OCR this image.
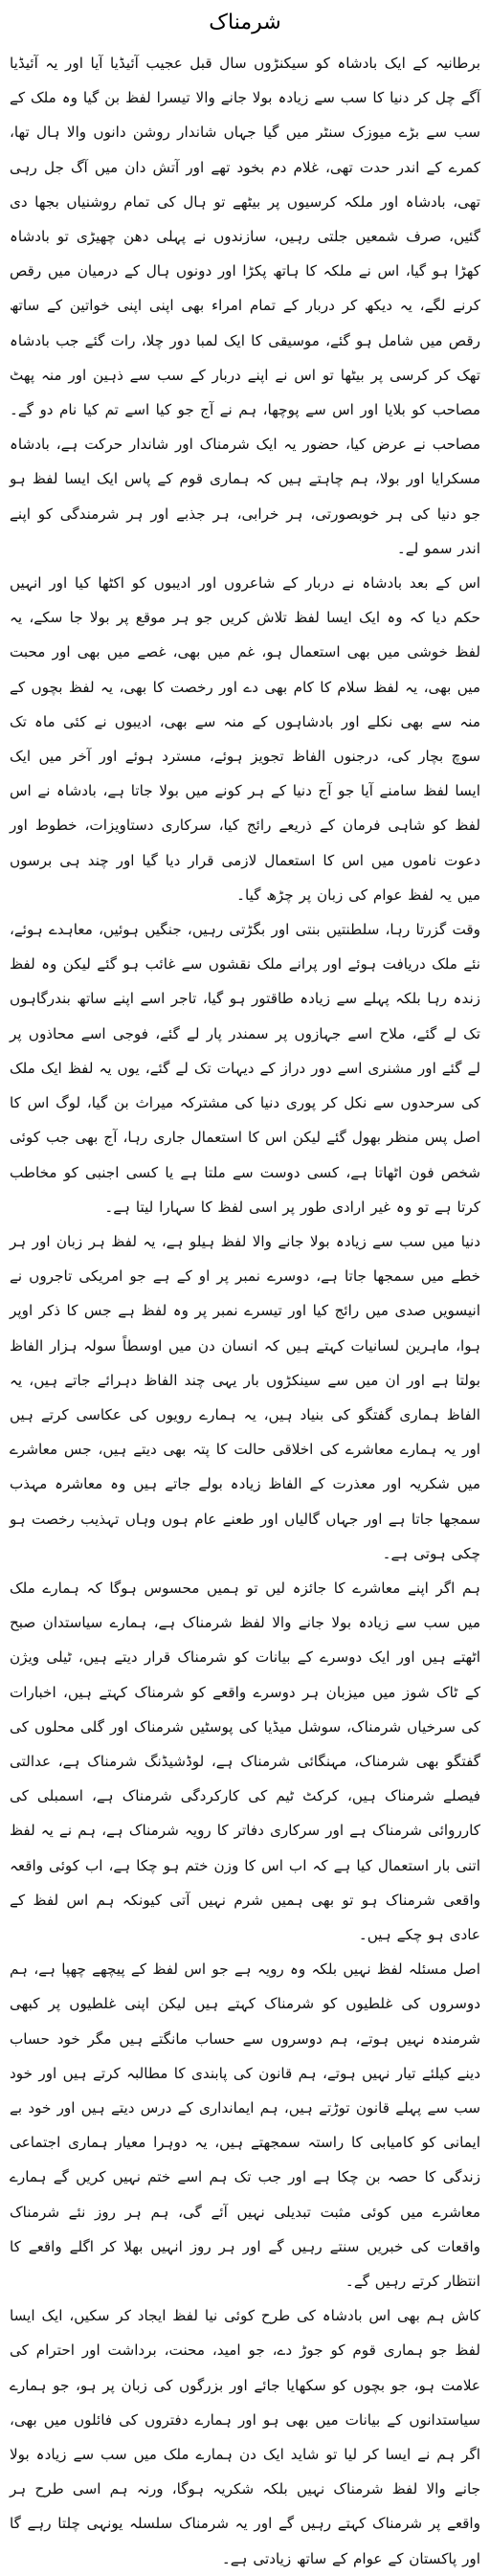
شرمناک

برطانیہ کے ایک بادشاہ کو سیکنڑوں سال قبل عجیب آئیڈیا آیا اور یہ آئیڈیا آگے چل کر دنیا کا سب سے زیادہ بولا جانے والا تیسرا لفظ بن گیا وہ ملک کے سب سے بڑے میوزک سنٹر میں گیا جہاں شاندار روشن دانوں والا ہال تھا، کمرے کے اندر حدت تھی، غلام دم بخود تھے اور آتش دان میں آگ جل رہی تھی، بادشاہ اور ملکہ کرسیوں پر بیٹھے تو ہال کی تمام روشنیاں بجھا دی گئیں، صرف شمعیں جلتی رہیں، سازندوں نے پہلی دھن چھیڑی تو بادشاہ کھڑا ہو گیا، اس نے ملکہ کا ہاتھ پکڑا اور دونوں ہال کے درمیان میں رقص کرنے لگے، یہ دیکھ کر دربار کے تمام امراء بھی اپنی اپنی خواتین کے ساتھ رقص میں شامل ہو گئے، موسیقی کا ایک لمبا دور چلا، رات گئے جب بادشاہ تھک کر کرسی پر بیٹھا تو اس نے اپنے دربار کے سب سے ذہین اور منہ پھٹ مصاحب کو بلایا اور اس سے پوچھا، ہم نے آج جو کیا اسے تم کیا نام دو گے۔ مصاحب نے عرض کیا، حضور یہ ایک شرمناک اور شاندار حرکت ہے، بادشاہ مسکرایا اور بولا، ہم چاہتے ہیں کہ ہماری قوم کے پاس ایک ایسا لفظ ہو جو دنیا کی ہر خوبصورتی، ہر خرابی، ہر جذبے اور ہر شرمندگی کو اپنے اندر سمو لے۔

اس کے بعد بادشاہ نے دربار کے شاعروں اور ادیبوں کو اکٹھا کیا اور انہیں حکم دیا کہ وہ ایک ایسا لفظ تلاش کریں جو ہر موقع پر بولا جا سکے، یہ لفظ خوشی میں بھی استعمال ہو، غم میں بھی، غصے میں بھی اور محبت میں بھی، یہ لفظ سلام کا کام بھی دے اور رخصت کا بھی، یہ لفظ بچوں کے منہ سے بھی نکلے اور بادشاہوں کے منہ سے بھی، ادیبوں نے کئی ماہ تک سوچ بچار کی، درجنوں الفاظ تجویز ہوئے، مسترد ہوئے اور آخر میں ایک ایسا لفظ سامنے آیا جو آج دنیا کے ہر کونے میں بولا جاتا ہے، بادشاہ نے اس لفظ کو شاہی فرمان کے ذریعے رائج کیا، سرکاری دستاویزات، خطوط اور دعوت ناموں میں اس کا استعمال لازمی قرار دیا گیا اور چند ہی برسوں میں یہ لفظ عوام کی زبان پر چڑھ گیا۔

وقت گزرتا رہا، سلطنتیں بنتی اور بگڑتی رہیں، جنگیں ہوئیں، معاہدے ہوئے، نئے ملک دریافت ہوئے اور پرانے ملک نقشوں سے غائب ہو گئے لیکن وہ لفظ زندہ رہا بلکہ پہلے سے زیادہ طاقتور ہو گیا، تاجر اسے اپنے ساتھ بندرگاہوں تک لے گئے، ملاح اسے جہازوں پر سمندر پار لے گئے، فوجی اسے محاذوں پر لے گئے اور مشنری اسے دور دراز کے دیہات تک لے گئے، یوں یہ لفظ ایک ملک کی سرحدوں سے نکل کر پوری دنیا کی مشترکہ میراث بن گیا، لوگ اس کا اصل پس منظر بھول گئے لیکن اس کا استعمال جاری رہا، آج بھی جب کوئی شخص فون اٹھاتا ہے، کسی دوست سے ملتا ہے یا کسی اجنبی کو مخاطب کرتا ہے تو وہ غیر ارادی طور پر اسی لفظ کا سہارا لیتا ہے۔

دنیا میں سب سے زیادہ بولا جانے والا لفظ ہیلو ہے، یہ لفظ ہر زبان اور ہر خطے میں سمجھا جاتا ہے، دوسرے نمبر پر او کے ہے جو امریکی تاجروں نے انیسویں صدی میں رائج کیا اور تیسرے نمبر پر وہ لفظ ہے جس کا ذکر اوپر ہوا، ماہرین لسانیات کہتے ہیں کہ انسان دن میں اوسطاً سولہ ہزار الفاظ بولتا ہے اور ان میں سے سینکڑوں بار یہی چند الفاظ دہرائے جاتے ہیں، یہ الفاظ ہماری گفتگو کی بنیاد ہیں، یہ ہمارے رویوں کی عکاسی کرتے ہیں اور یہ ہمارے معاشرے کی اخلاقی حالت کا پتہ بھی دیتے ہیں، جس معاشرے میں شکریہ اور معذرت کے الفاظ زیادہ بولے جاتے ہیں وہ معاشرہ مہذب سمجھا جاتا ہے اور جہاں گالیاں اور طعنے عام ہوں وہاں تہذیب رخصت ہو چکی ہوتی ہے۔

ہم اگر اپنے معاشرے کا جائزہ لیں تو ہمیں محسوس ہوگا کہ ہمارے ملک میں سب سے زیادہ بولا جانے والا لفظ شرمناک ہے، ہمارے سیاستدان صبح اٹھتے ہیں اور ایک دوسرے کے بیانات کو شرمناک قرار دیتے ہیں، ٹیلی ویژن کے ٹاک شوز میں میزبان ہر دوسرے واقعے کو شرمناک کہتے ہیں، اخبارات کی سرخیاں شرمناک، سوشل میڈیا کی پوسٹیں شرمناک اور گلی محلوں کی گفتگو بھی شرمناک، مہنگائی شرمناک ہے، لوڈشیڈنگ شرمناک ہے، عدالتی فیصلے شرمناک ہیں، کرکٹ ٹیم کی کارکردگی شرمناک ہے، اسمبلی کی کارروائی شرمناک ہے اور سرکاری دفاتر کا رویہ شرمناک ہے، ہم نے یہ لفظ اتنی بار استعمال کیا ہے کہ اب اس کا وزن ختم ہو چکا ہے، اب کوئی واقعہ واقعی شرمناک ہو تو بھی ہمیں شرم نہیں آتی کیونکہ ہم اس لفظ کے عادی ہو چکے ہیں۔

اصل مسئلہ لفظ نہیں بلکہ وہ رویہ ہے جو اس لفظ کے پیچھے چھپا ہے، ہم دوسروں کی غلطیوں کو شرمناک کہتے ہیں لیکن اپنی غلطیوں پر کبھی شرمندہ نہیں ہوتے، ہم دوسروں سے حساب مانگتے ہیں مگر خود حساب دینے کیلئے تیار نہیں ہوتے، ہم قانون کی پابندی کا مطالبہ کرتے ہیں اور خود سب سے پہلے قانون توڑتے ہیں، ہم ایمانداری کے درس دیتے ہیں اور خود بے ایمانی کو کامیابی کا راستہ سمجھتے ہیں، یہ دوہرا معیار ہماری اجتماعی زندگی کا حصہ بن چکا ہے اور جب تک ہم اسے ختم نہیں کریں گے ہمارے معاشرے میں کوئی مثبت تبدیلی نہیں آئے گی، ہم ہر روز نئے شرمناک واقعات کی خبریں سنتے رہیں گے اور ہر روز انہیں بھلا کر اگلے واقعے کا انتظار کرتے رہیں گے۔

کاش ہم بھی اس بادشاہ کی طرح کوئی نیا لفظ ایجاد کر سکیں، ایک ایسا لفظ جو ہماری قوم کو جوڑ دے، جو امید، محنت، برداشت اور احترام کی علامت ہو، جو بچوں کو سکھایا جائے اور بزرگوں کی زبان پر ہو، جو ہمارے سیاستدانوں کے بیانات میں بھی ہو اور ہمارے دفتروں کی فائلوں میں بھی، اگر ہم نے ایسا کر لیا تو شاید ایک دن ہمارے ملک میں سب سے زیادہ بولا جانے والا لفظ شرمناک نہیں بلکہ شکریہ ہوگا، ورنہ ہم اسی طرح ہر واقعے پر شرمناک کہتے رہیں گے اور یہ شرمناک سلسلہ یونہی چلتا رہے گا اور پاکستان کے عوام کے ساتھ زیادتی ہے۔
